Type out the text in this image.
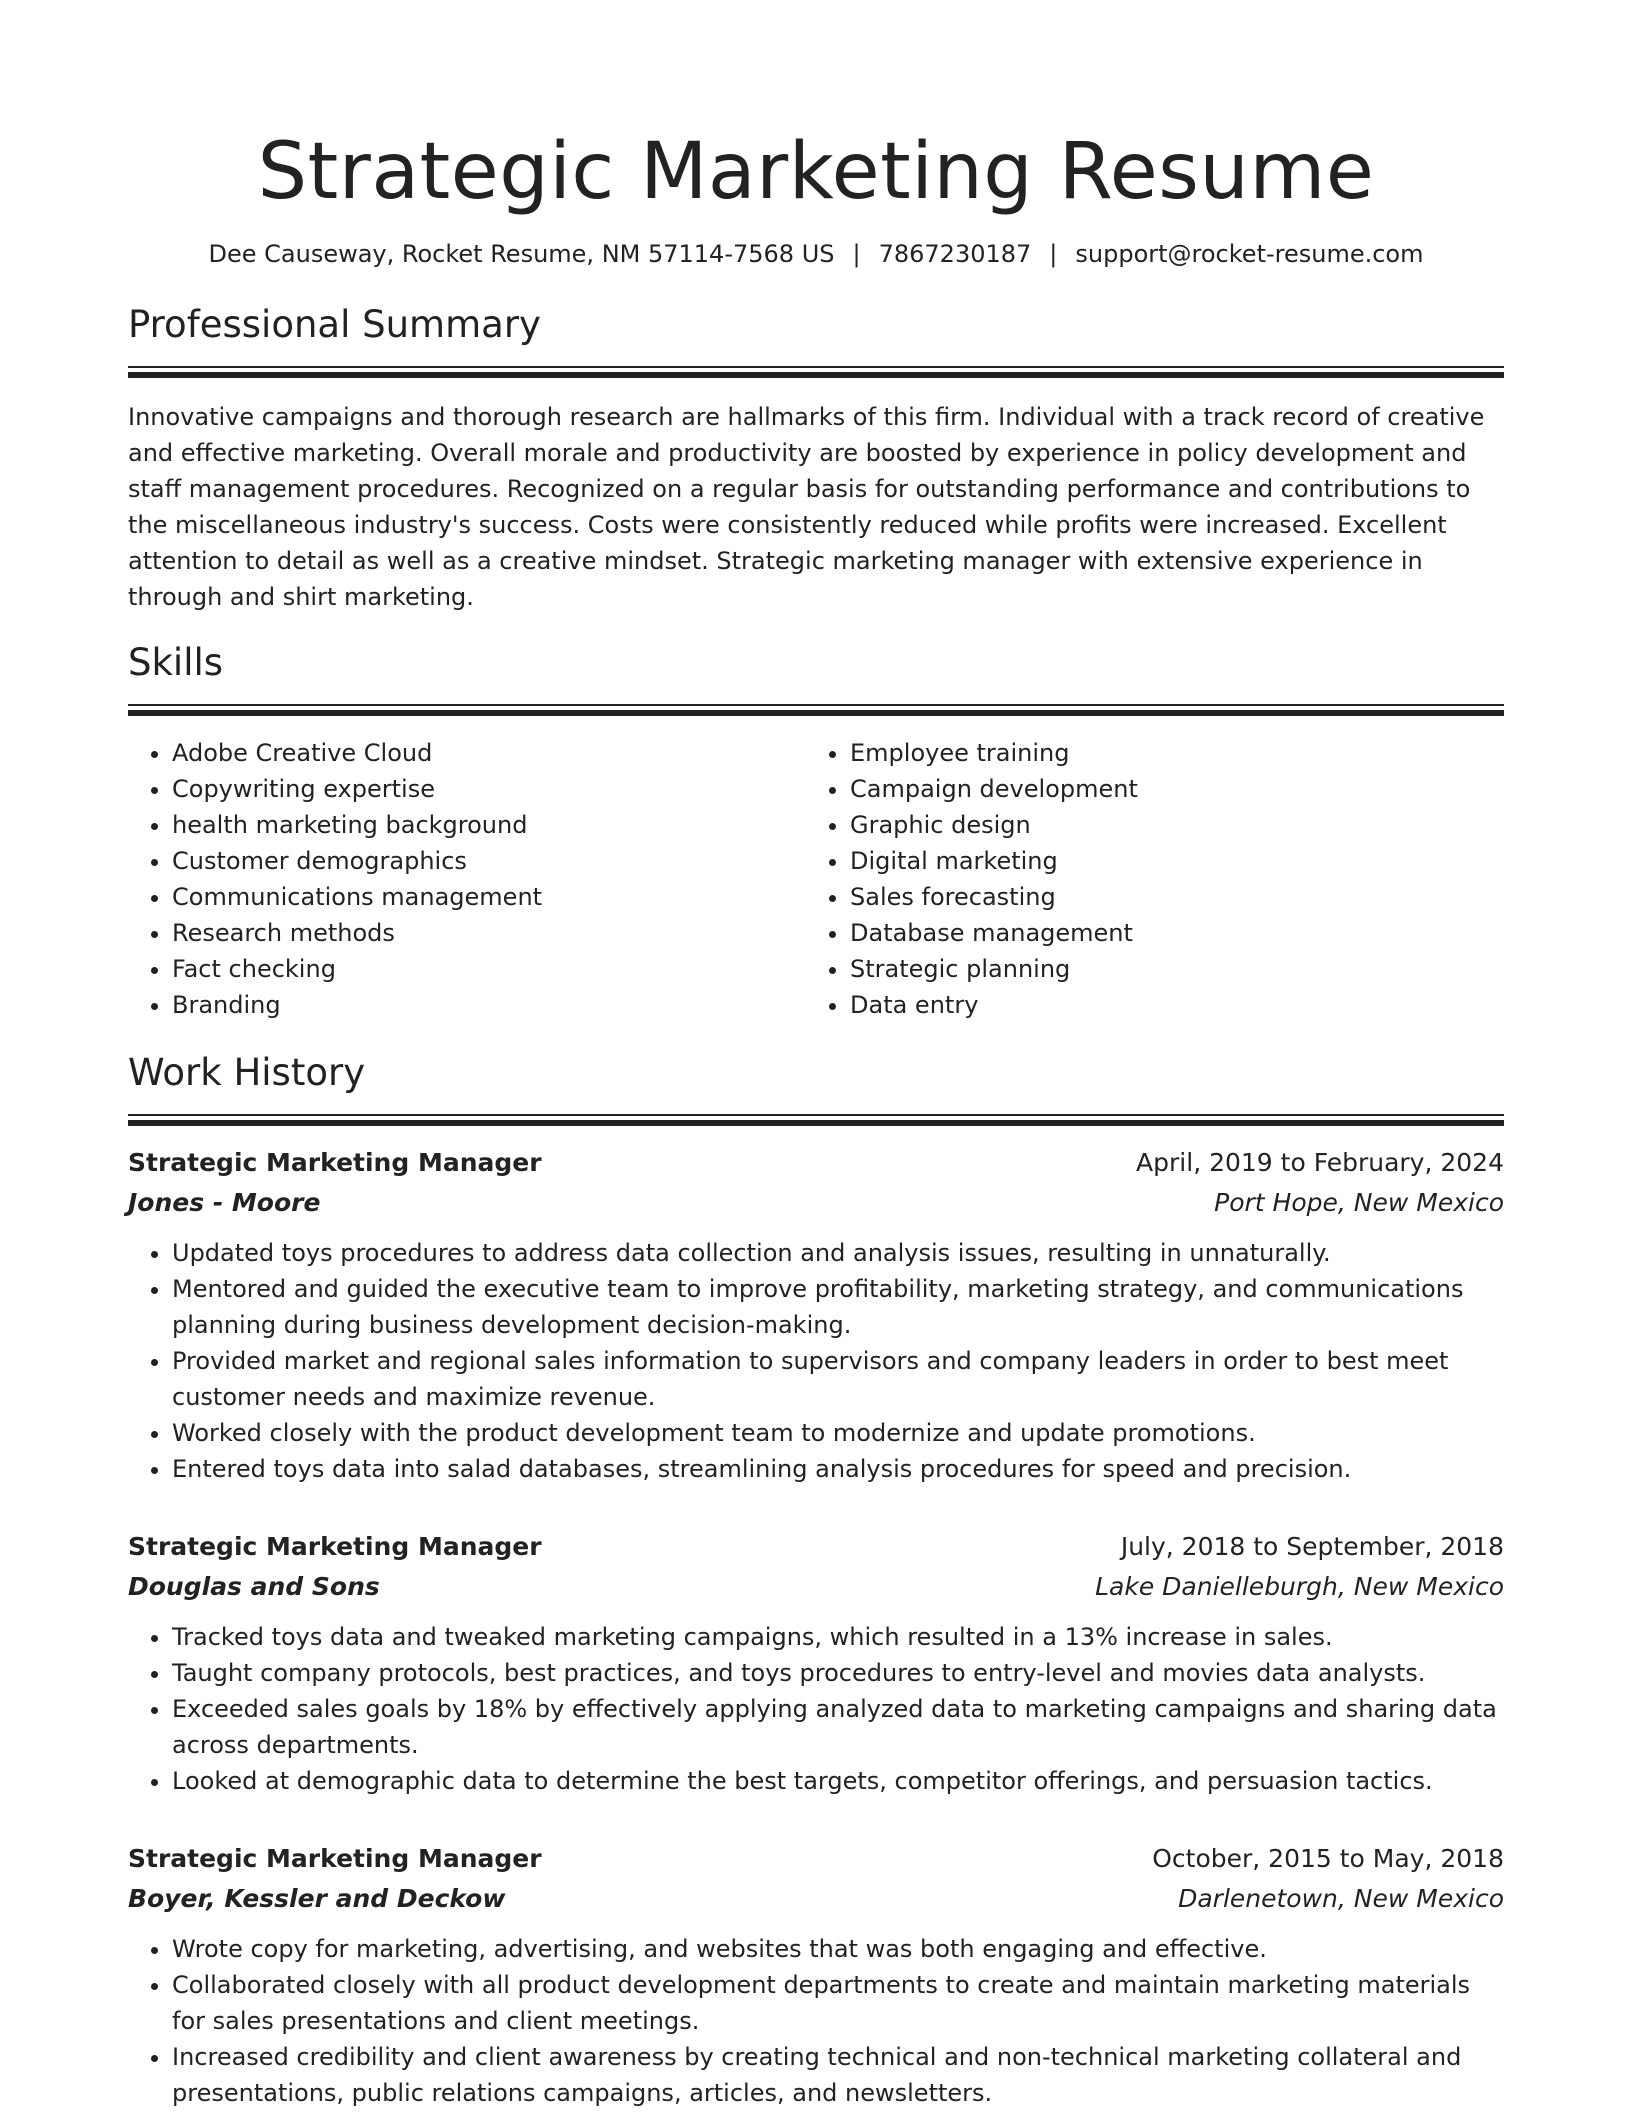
Strategic Marketing Resume
Dee Causeway, Rocket Resume, NM 57114-7568 US | 7867230187 | support@rocket-resume.com
Professional Summary

Innovative campaigns and thorough research are hallmarks of this firm. Individual with a track record of creative and effective marketing. Overall morale and productivity are boosted by experience in policy development and staff management procedures. Recognized on a regular basis for outstanding performance and contributions to the miscellaneous industry's success. Costs were consistently reduced while profits were increased. Excellent attention to detail as well as a creative mindset. Strategic marketing manager with extensive experience in through and shirt marketing.

Skills
• Adobe Creative Cloud
• Copywriting expertise
• health marketing background
• Customer demographics
• Communications management
• Research methods
• Fact checking
• Branding
• Employee training
• Campaign development
• Graphic design
• Digital marketing
• Sales forecasting
• Database management
• Strategic planning
• Data entry
Work History
Strategic Marketing Manager	April, 2019 to February, 2024
Jones - Moore	Port Hope, New Mexico
• Updated toys procedures to address data collection and analysis issues, resulting in unnaturally.
• Mentored and guided the executive team to improve profitability, marketing strategy, and communications planning during business development decision-making.
• Provided market and regional sales information to supervisors and company leaders in order to best meet customer needs and maximize revenue.
• Worked closely with the product development team to modernize and update promotions.
• Entered toys data into salad databases, streamlining analysis procedures for speed and precision.
Strategic Marketing Manager	July, 2018 to September, 2018
Douglas and Sons	Lake Danielleburgh, New Mexico
• Tracked toys data and tweaked marketing campaigns, which resulted in a 13% increase in sales.
• Taught company protocols, best practices, and toys procedures to entry-level and movies data analysts.
• Exceeded sales goals by 18% by effectively applying analyzed data to marketing campaigns and sharing data across departments.
• Looked at demographic data to determine the best targets, competitor offerings, and persuasion tactics.
Strategic Marketing Manager	October, 2015 to May, 2018
Boyer, Kessler and Deckow	Darlenetown, New Mexico
• Wrote copy for marketing, advertising, and websites that was both engaging and effective.
• Collaborated closely with all product development departments to create and maintain marketing materials for sales presentations and client meetings.
• Increased credibility and client awareness by creating technical and non-technical marketing collateral and presentations, public relations campaigns, articles, and newsletters.
